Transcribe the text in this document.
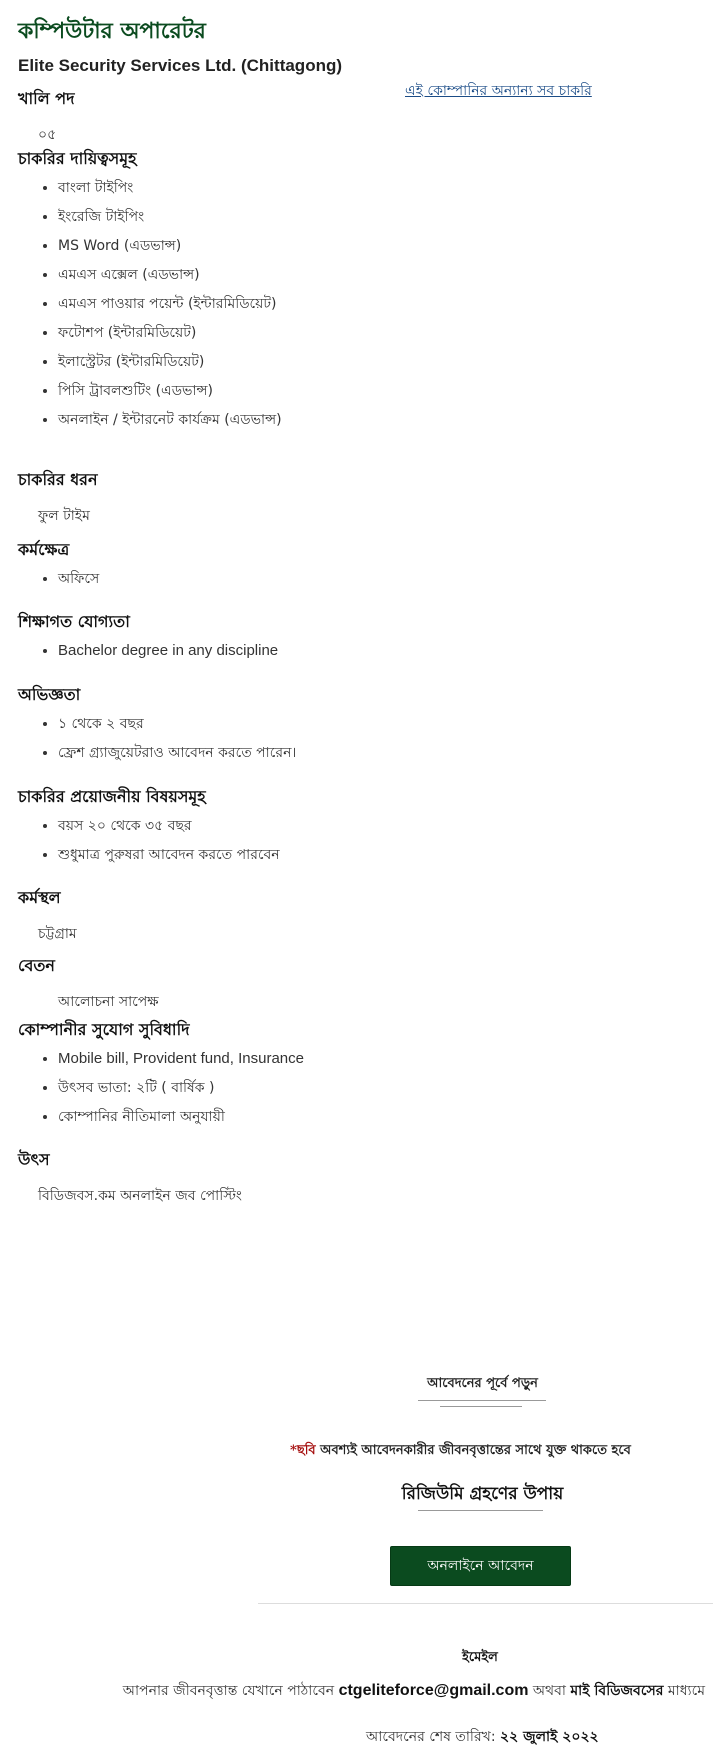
কম্পিউটার অপারেটর
Elite Security Services Ltd. (Chittagong)
এই কোম্পানির অন্যান্য সব চাকরি

খালি পদ

০৫

চাকরির দায়িত্বসমূহ

• বাংলা টাইপিং
• ইংরেজি টাইপিং
• MS Word (এডভান্স)
• এমএস এক্সেল (এডভান্স)
• এমএস পাওয়ার পয়েন্ট (ইন্টারমিডিয়েট)
• ফটোশপ (ইন্টারমিডিয়েট)
• ইলাস্ট্রেটর (ইন্টারমিডিয়েট)
• পিসি ট্রাবলশুটিং (এডভান্স)
• অনলাইন / ইন্টারনেট কার্যক্রম (এডভান্স)

চাকরির ধরন

ফুল টাইম

কর্মক্ষেত্র

• অফিসে

শিক্ষাগত যোগ্যতা

• Bachelor degree in any discipline

অভিজ্ঞতা

• ১ থেকে ২ বছর
• ফ্রেশ গ্র্যাজুয়েটরাও আবেদন করতে পারেন।

চাকরির প্রয়োজনীয় বিষয়সমূহ

• বয়স ২০ থেকে ৩৫ বছর
• শুধুমাত্র পুরুষরা আবেদন করতে পারবেন

কর্মস্থল

চট্টগ্রাম

বেতন

আলোচনা সাপেক্ষ

কোম্পানীর সুযোগ সুবিধাদি

• Mobile bill, Provident fund, Insurance
• উৎসব ভাতা: ২টি ( বার্ষিক )
• কোম্পানির নীতিমালা অনুযায়ী

উৎস

বিডিজবস.কম অনলাইন জব পোস্টিং

আবেদনের পূর্বে পড়ুন
*ছবি অবশ্যই আবেদনকারীর জীবনবৃত্তান্তের সাথে যুক্ত থাকতে হবে
রিজিউমি গ্রহণের উপায়
অনলাইনে আবেদন
ইমেইল
আপনার জীবনবৃত্তান্ত যেখানে পাঠাবেন ctgeliteforce@gmail.com অথবা মাই বিডিজবসের মাধ্যমে
আবেদনের শেষ তারিখ: ২২ জুলাই ২০২২
